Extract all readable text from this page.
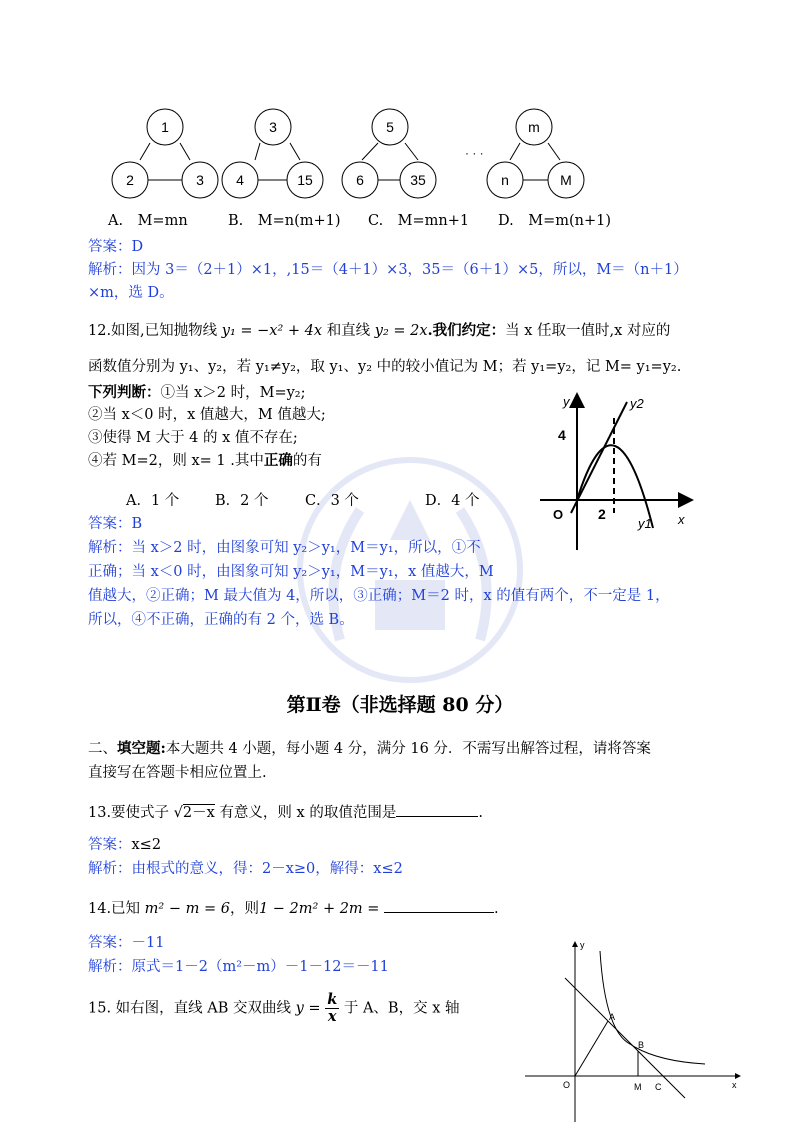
1
2	3
3
4	15
5
6	35
· · ·
m
n	M
A.　M=mn	B.　M=n(m+1) C.　M=mn+1 D.　M=m(n+1)
答案：D
解析：因为 3＝（2＋1）×1，,15＝（4＋1）×3，35＝（6＋1）×5，所以，M＝（n＋1）
×m，选 D。
12.如图,已知抛物线 y₁ = −x² + 4x 和直线 y₂ = 2x.我们约定：当 x 任取一值时,x 对应的
函数值分别为 y₁、y₂，若 y₁≠y₂，取 y₁、y₂ 中的较小值记为 M；若 y₁=y₂，记 M= y₁=y₂.
下列判断：①当 x＞2 时，M=y₂;
②当 x＜0 时，x 值越大，M 值越大;
③使得 M 大于 4 的 x 值不存在;
④若 M=2，则 x= 1 .其中正确的有
A．1 个 B．2 个	C．3 个	D．4 个
答案：B
解析：当 x＞2 时，由图象可知 y₂＞y₁，M＝y₁，所以，①不
正确；当 x＜0 时，由图象可知 y₂＞y₁，M＝y₁，x 值越大，M
值越大，②正确；M 最大值为 4，所以，③正确；M＝2 时，x 的值有两个，不一定是 1，
所以，④不正确，正确的有 2 个，选 B。
y
x
O
4
2
y1
y2
第Ⅱ卷（非选择题 80 分）
二、填空题:本大题共 4 小题，每小题 4 分，满分 16 分．不需写出解答过程，请将答案
直接写在答题卡相应位置上.
13.要使式子 √2－x 有意义，则 x 的取值范围是	.
答案：x≤2
解析：由根式的意义，得：2－x≥0，解得：x≤2
14.已知 m² − m = 6，则1 − 2m² + 2m =	.
答案：－11
解析：原式＝1－2（m²－m）－1－12＝－11
15. 如右图，直线 AB 交双曲线 $y = \frac{k}{x}$ 于 A、B，交 x 轴
y
x
O
A
B
M C
